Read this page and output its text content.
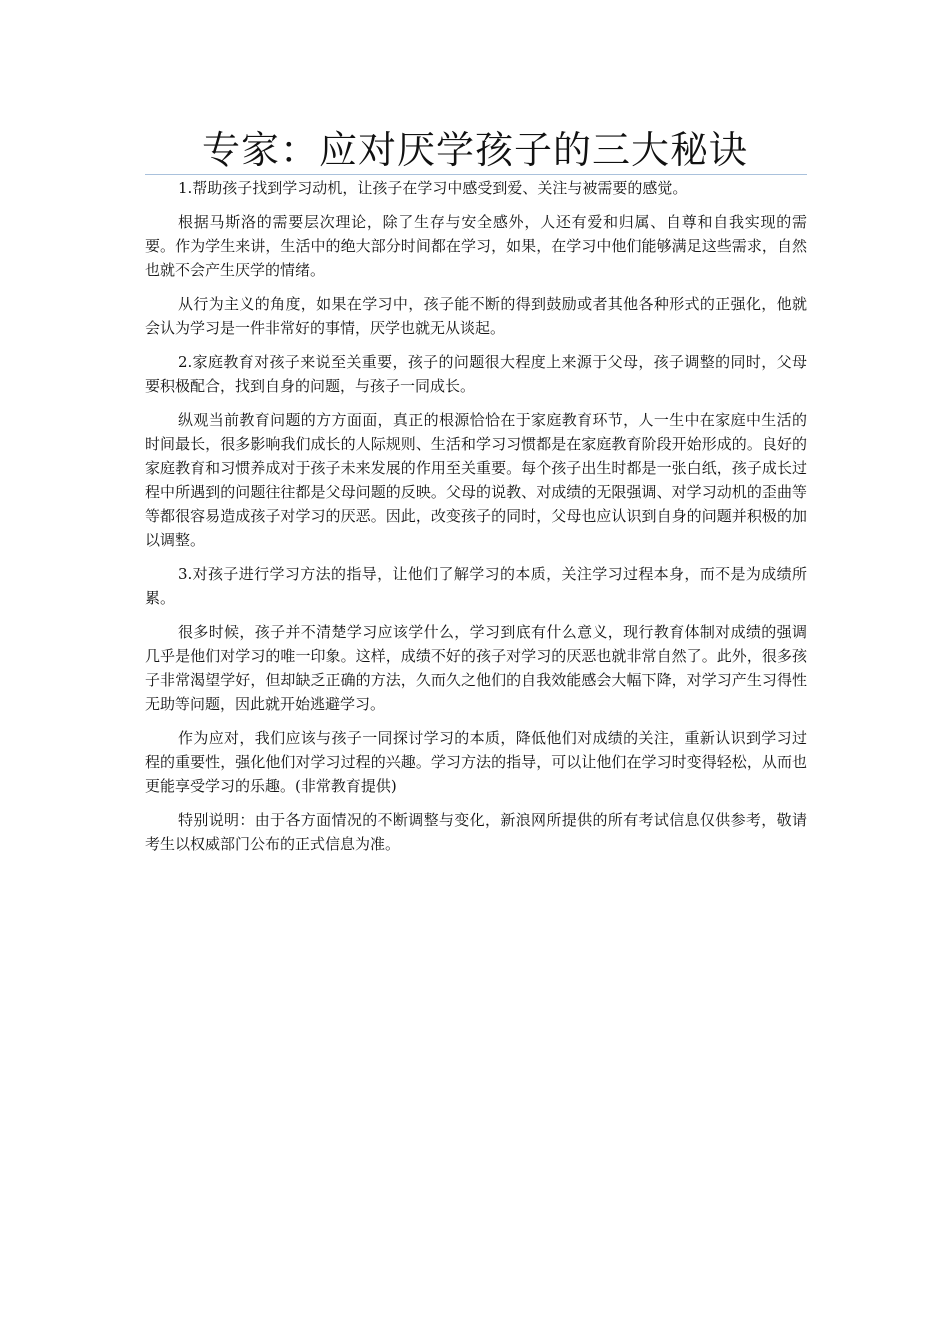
专家：应对厌学孩子的三大秘诀

1.帮助孩子找到学习动机，让孩子在学习中感受到爱、关注与被需要的感觉。

根据马斯洛的需要层次理论，除了生存与安全感外，人还有爱和归属、自尊和自我实现的需要。作为学生来讲，生活中的绝大部分时间都在学习，如果，在学习中他们能够满足这些需求，自然也就不会产生厌学的情绪。

从行为主义的角度，如果在学习中，孩子能不断的得到鼓励或者其他各种形式的正强化，他就会认为学习是一件非常好的事情，厌学也就无从谈起。

2.家庭教育对孩子来说至关重要，孩子的问题很大程度上来源于父母，孩子调整的同时，父母要积极配合，找到自身的问题，与孩子一同成长。

纵观当前教育问题的方方面面，真正的根源恰恰在于家庭教育环节，人一生中在家庭中生活的时间最长，很多影响我们成长的人际规则、生活和学习习惯都是在家庭教育阶段开始形成的。良好的家庭教育和习惯养成对于孩子未来发展的作用至关重要。每个孩子出生时都是一张白纸，孩子成长过程中所遇到的问题往往都是父母问题的反映。父母的说教、对成绩的无限强调、对学习动机的歪曲等等都很容易造成孩子对学习的厌恶。因此，改变孩子的同时，父母也应认识到自身的问题并积极的加以调整。

3.对孩子进行学习方法的指导，让他们了解学习的本质，关注学习过程本身，而不是为成绩所累。

很多时候，孩子并不清楚学习应该学什么，学习到底有什么意义，现行教育体制对成绩的强调几乎是他们对学习的唯一印象。这样，成绩不好的孩子对学习的厌恶也就非常自然了。此外，很多孩子非常渴望学好，但却缺乏正确的方法，久而久之他们的自我效能感会大幅下降，对学习产生习得性无助等问题，因此就开始逃避学习。

作为应对，我们应该与孩子一同探讨学习的本质，降低他们对成绩的关注，重新认识到学习过程的重要性，强化他们对学习过程的兴趣。学习方法的指导，可以让他们在学习时变得轻松，从而也更能享受学习的乐趣。(非常教育提供)

特别说明：由于各方面情况的不断调整与变化，新浪网所提供的所有考试信息仅供参考，敬请考生以权威部门公布的正式信息为准。
